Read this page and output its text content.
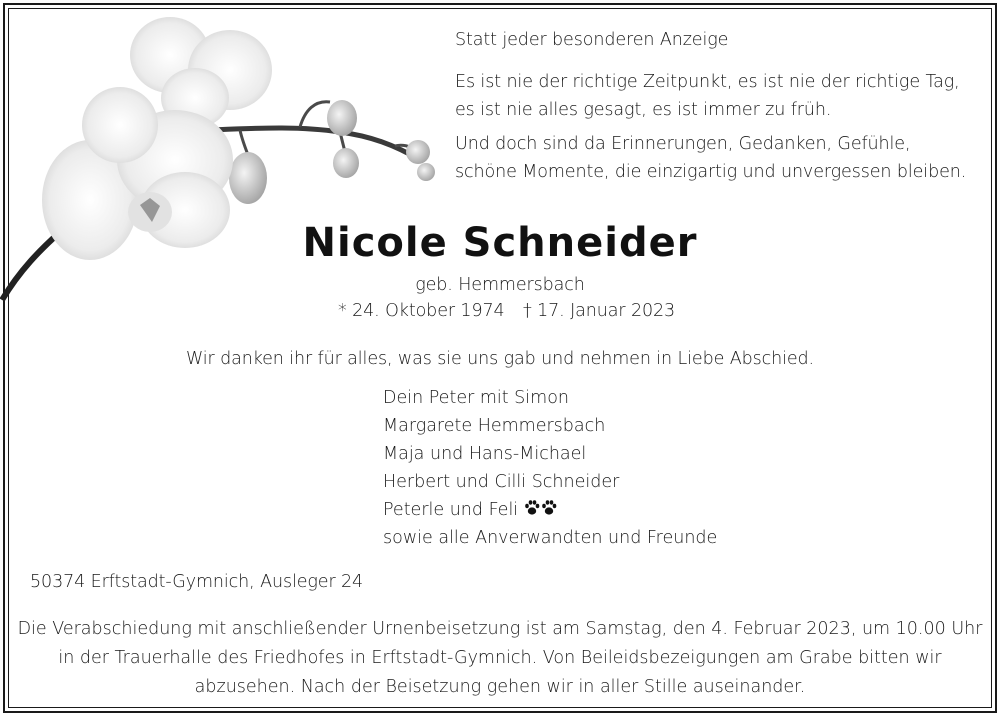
Statt jeder besonderen Anzeige
Es ist nie der richtige Zeitpunkt, es ist nie der richtige Tag,
es ist nie alles gesagt, es ist immer zu früh.
Und doch sind da Erinnerungen, Gedanken, Gefühle,
schöne Momente, die einzigartig und unvergessen bleiben.
Nicole Schneider
geb. Hemmersbach
* 24. Oktober 1974 † 17. Januar 2023
Wir danken ihr für alles, was sie uns gab und nehmen in Liebe Abschied.
Dein Peter mit Simon
Margarete Hemmersbach
Maja und Hans-Michael
Herbert und Cilli Schneider
Peterle und Feli
sowie alle Anverwandten und Freunde
50374 Erftstadt-Gymnich, Ausleger 24
Die Verabschiedung mit anschließender Urnenbeisetzung ist am Samstag, den 4. Februar 2023, um 10.00 Uhr
in der Trauerhalle des Friedhofes in Erftstadt-Gymnich. Von Beileidsbezeigungen am Grabe bitten wir
abzusehen. Nach der Beisetzung gehen wir in aller Stille auseinander.
